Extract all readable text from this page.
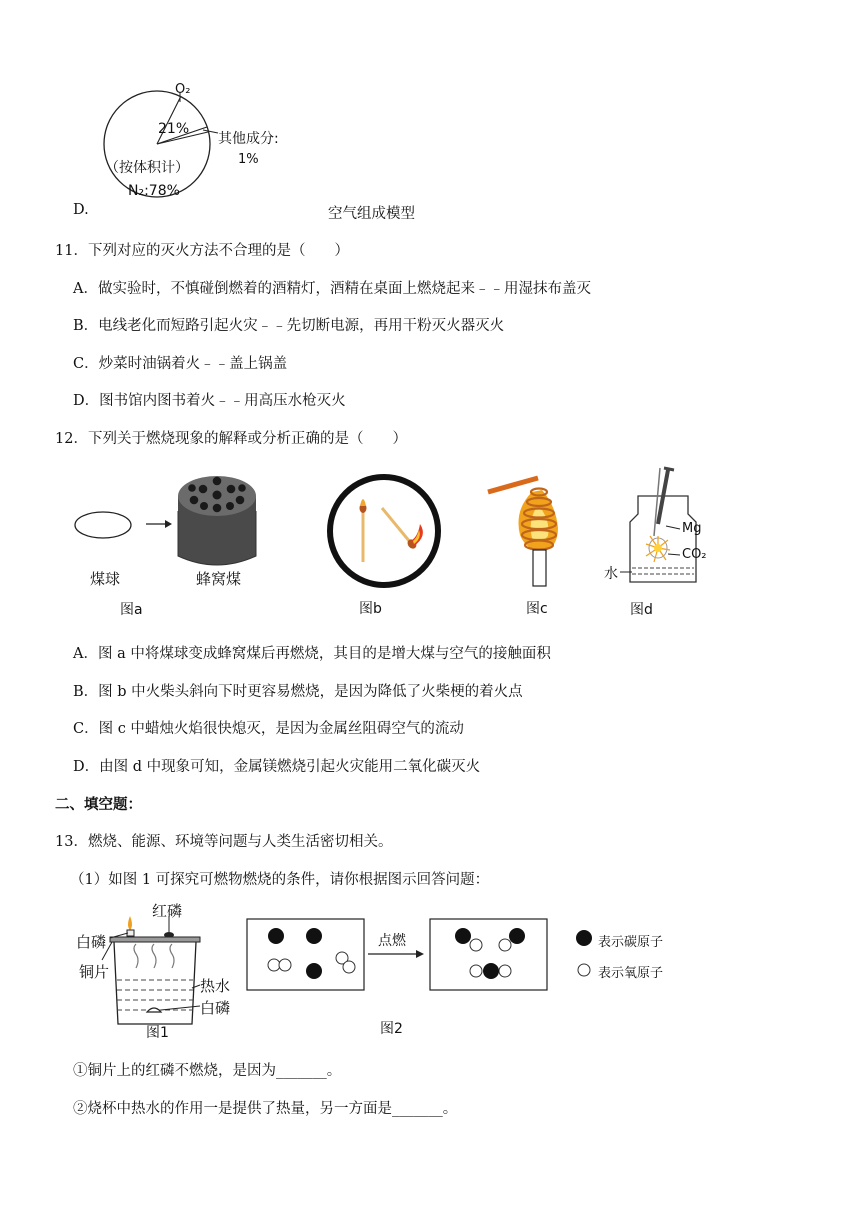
O₂
21%
其他成分:
1%
（按体积计）
N₂:78%
D.	空气组成模型
11．下列对应的灭火方法不合理的是（　　）
A．做实验时，不慎碰倒燃着的酒精灯，酒精在桌面上燃烧起来﹣﹣用湿抹布盖灭
B．电线老化而短路引起火灾﹣﹣先切断电源，再用干粉灭火器灭火
C．炒菜时油锅着火﹣﹣盖上锅盖
D．图书馆内图书着火﹣﹣用高压水枪灭火
12．下列关于燃烧现象的解释或分析正确的是（　　）
煤球	蜂窝煤
图a	图b	图c
Mg
CO₂
水
图d
A．图 a 中将煤球变成蜂窝煤后再燃烧，其目的是增大煤与空气的接触面积
B．图 b 中火柴头斜向下时更容易燃烧，是因为降低了火柴梗的着火点
C．图 c 中蜡烛火焰很快熄灭，是因为金属丝阻碍空气的流动
D．由图 d 中现象可知，金属镁燃烧引起火灾能用二氧化碳灭火
二、填空题：
13．燃烧、能源、环境等问题与人类生活密切相关。
（1）如图 1 可探究可燃物燃烧的条件，请你根据图示回答问题：
红磷
白磷
铜片
热水
白磷
图1
点燃	表示碳原子
表示氧原子
图2
①铜片上的红磷不燃烧，是因为_______。
②烧杯中热水的作用一是提供了热量，另一方面是_______。
